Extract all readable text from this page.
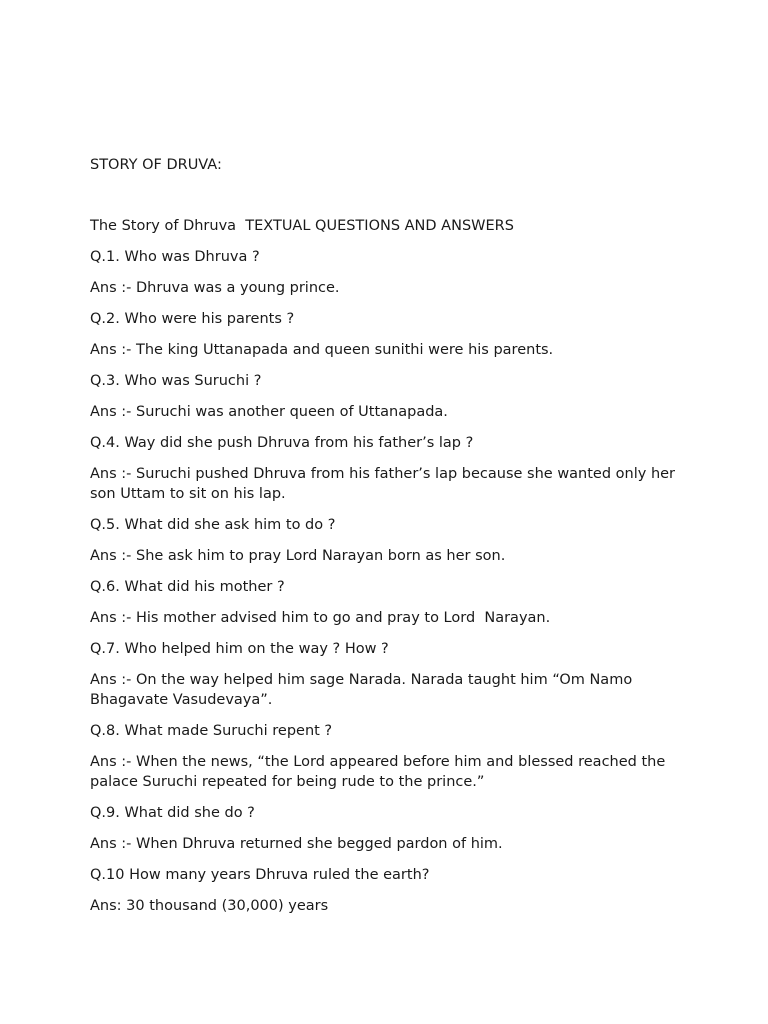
STORY OF DRUVA:

The Story of Dhruva  TEXTUAL QUESTIONS AND ANSWERS

Q.1. Who was Dhruva ?

Ans :- Dhruva was a young prince.

Q.2. Who were his parents ?

Ans :- The king Uttanapada and queen sunithi were his parents.

Q.3. Who was Suruchi ?

Ans :- Suruchi was another queen of Uttanapada.

Q.4. Way did she push Dhruva from his father’s lap ?

Ans :- Suruchi pushed Dhruva from his father’s lap because she wanted only her son Uttam to sit on his lap.

Q.5. What did she ask him to do ?

Ans :- She ask him to pray Lord Narayan born as her son.

Q.6. What did his mother ?

Ans :- His mother advised him to go and pray to Lord  Narayan.

Q.7. Who helped him on the way ? How ?

Ans :- On the way helped him sage Narada. Narada taught him “Om Namo Bhagavate Vasudevaya”.

Q.8. What made Suruchi repent ?

Ans :- When the news, “the Lord appeared before him and blessed reached the palace Suruchi repeated for being rude to the prince.”

Q.9. What did she do ?

Ans :- When Dhruva returned she begged pardon of him.

Q.10 How many years Dhruva ruled the earth?

Ans: 30 thousand (30,000) years
